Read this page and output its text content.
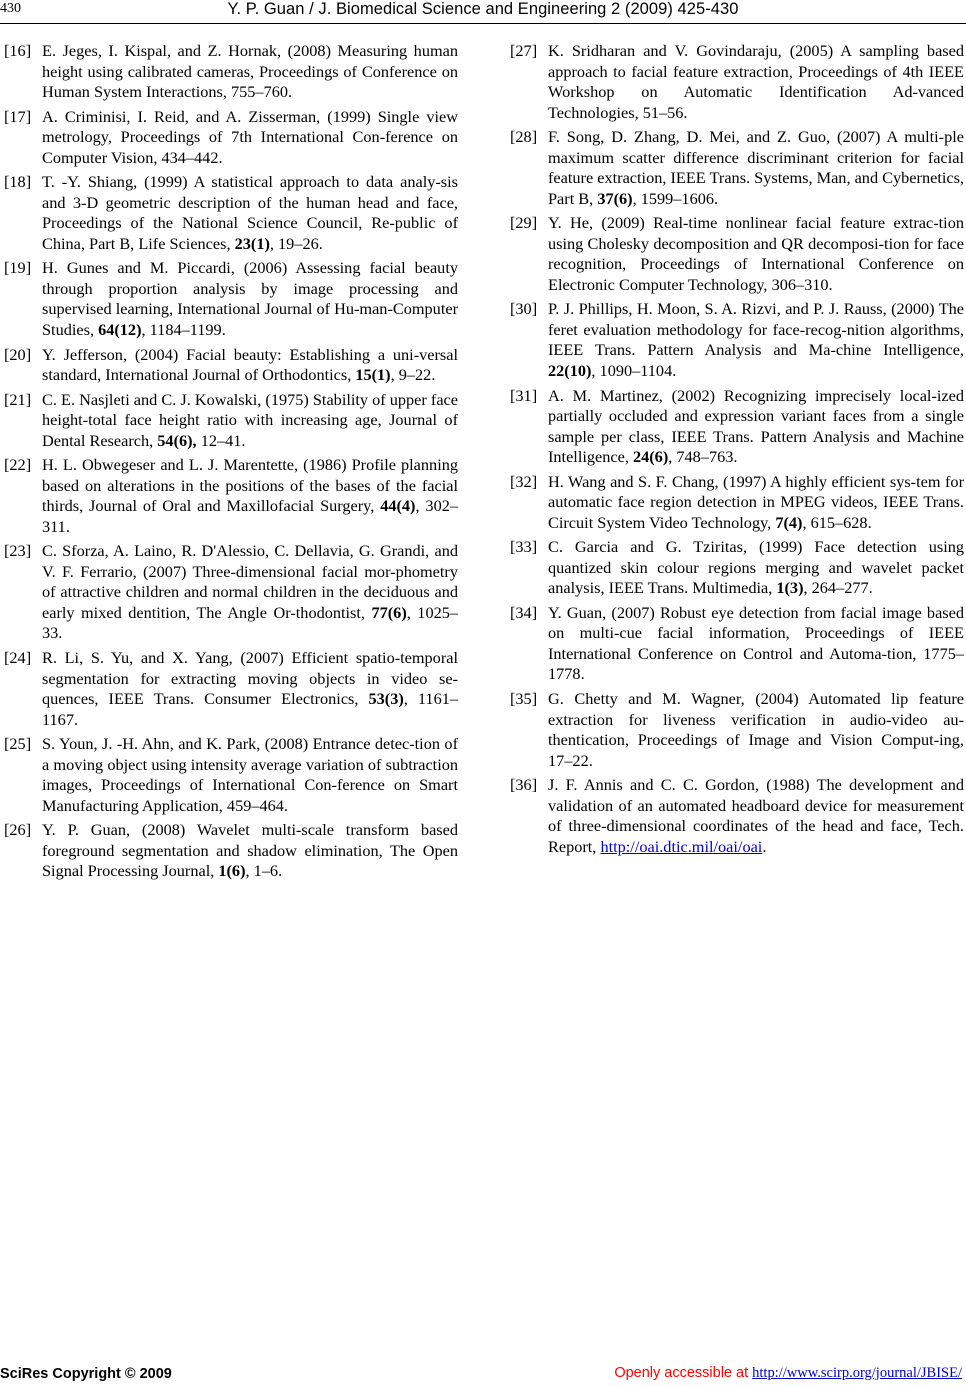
430	Y. P. Guan / J. Biomedical Science and Engineering 2 (2009) 425-430
[16] E. Jeges, I. Kispal, and Z. Hornak, (2008) Measuring human height using calibrated cameras, Proceedings of Conference on Human System Interactions, 755–760.
[17] A. Criminisi, I. Reid, and A. Zisserman, (1999) Single view metrology, Proceedings of 7th International Con-ference on Computer Vision, 434–442.
[18] T. -Y. Shiang, (1999) A statistical approach to data analy-sis and 3-D geometric description of the human head and face, Proceedings of the National Science Council, Re-public of China, Part B, Life Sciences, 23(1), 19–26.
[19] H. Gunes and M. Piccardi, (2006) Assessing facial beauty through proportion analysis by image processing and supervised learning, International Journal of Hu-man-Computer Studies, 64(12), 1184–1199.
[20] Y. Jefferson, (2004) Facial beauty: Establishing a uni-versal standard, International Journal of Orthodontics, 15(1), 9–22.
[21] C. E. Nasjleti and C. J. Kowalski, (1975) Stability of upper face height-total face height ratio with increasing age, Journal of Dental Research, 54(6), 12–41.
[22] H. L. Obwegeser and L. J. Marentette, (1986) Profile planning based on alterations in the positions of the bases of the facial thirds, Journal of Oral and Maxillofacial Surgery, 44(4), 302–311.
[23] C. Sforza, A. Laino, R. D'Alessio, C. Dellavia, G. Grandi, and V. F. Ferrario, (2007) Three-dimensional facial mor-phometry of attractive children and normal children in the deciduous and early mixed dentition, The Angle Or-thodontist, 77(6), 1025–33.
[24] R. Li, S. Yu, and X. Yang, (2007) Efficient spatio-temporal segmentation for extracting moving objects in video se-quences, IEEE Trans. Consumer Electronics, 53(3), 1161–1167.
[25] S. Youn, J. -H. Ahn, and K. Park, (2008) Entrance detec-tion of a moving object using intensity average variation of subtraction images, Proceedings of International Con-ference on Smart Manufacturing Application, 459–464.
[26] Y. P. Guan, (2008) Wavelet multi-scale transform based foreground segmentation and shadow elimination, The Open Signal Processing Journal, 1(6), 1–6.
[27] K. Sridharan and V. Govindaraju, (2005) A sampling based approach to facial feature extraction, Proceedings of 4th IEEE Workshop on Automatic Identification Ad-vanced Technologies, 51–56.
[28] F. Song, D. Zhang, D. Mei, and Z. Guo, (2007) A multi-ple maximum scatter difference discriminant criterion for facial feature extraction, IEEE Trans. Systems, Man, and Cybernetics, Part B, 37(6), 1599–1606.
[29] Y. He, (2009) Real-time nonlinear facial feature extrac-tion using Cholesky decomposition and QR decomposi-tion for face recognition, Proceedings of International Conference on Electronic Computer Technology, 306–310.
[30] P. J. Phillips, H. Moon, S. A. Rizvi, and P. J. Rauss, (2000) The feret evaluation methodology for face-recog-nition algorithms, IEEE Trans. Pattern Analysis and Ma-chine Intelligence, 22(10), 1090–1104.
[31] A. M. Martinez, (2002) Recognizing imprecisely local-ized partially occluded and expression variant faces from a single sample per class, IEEE Trans. Pattern Analysis and Machine Intelligence, 24(6), 748–763.
[32] H. Wang and S. F. Chang, (1997) A highly efficient sys-tem for automatic face region detection in MPEG videos, IEEE Trans. Circuit System Video Technology, 7(4), 615–628.
[33] C. Garcia and G. Tziritas, (1999) Face detection using quantized skin colour regions merging and wavelet packet analysis, IEEE Trans. Multimedia, 1(3), 264–277.
[34] Y. Guan, (2007) Robust eye detection from facial image based on multi-cue facial information, Proceedings of IEEE International Conference on Control and Automa-tion, 1775–1778.
[35] G. Chetty and M. Wagner, (2004) Automated lip feature extraction for liveness verification in audio-video au-thentication, Proceedings of Image and Vision Comput-ing, 17–22.
[36] J. F. Annis and C. C. Gordon, (1988) The development and validation of an automated headboard device for measurement of three-dimensional coordinates of the head and face, Tech. Report, http://oai.dtic.mil/oai/oai.
SciRes Copyright © 2009	Openly accessible at http://www.scirp.org/journal/JBISE/
